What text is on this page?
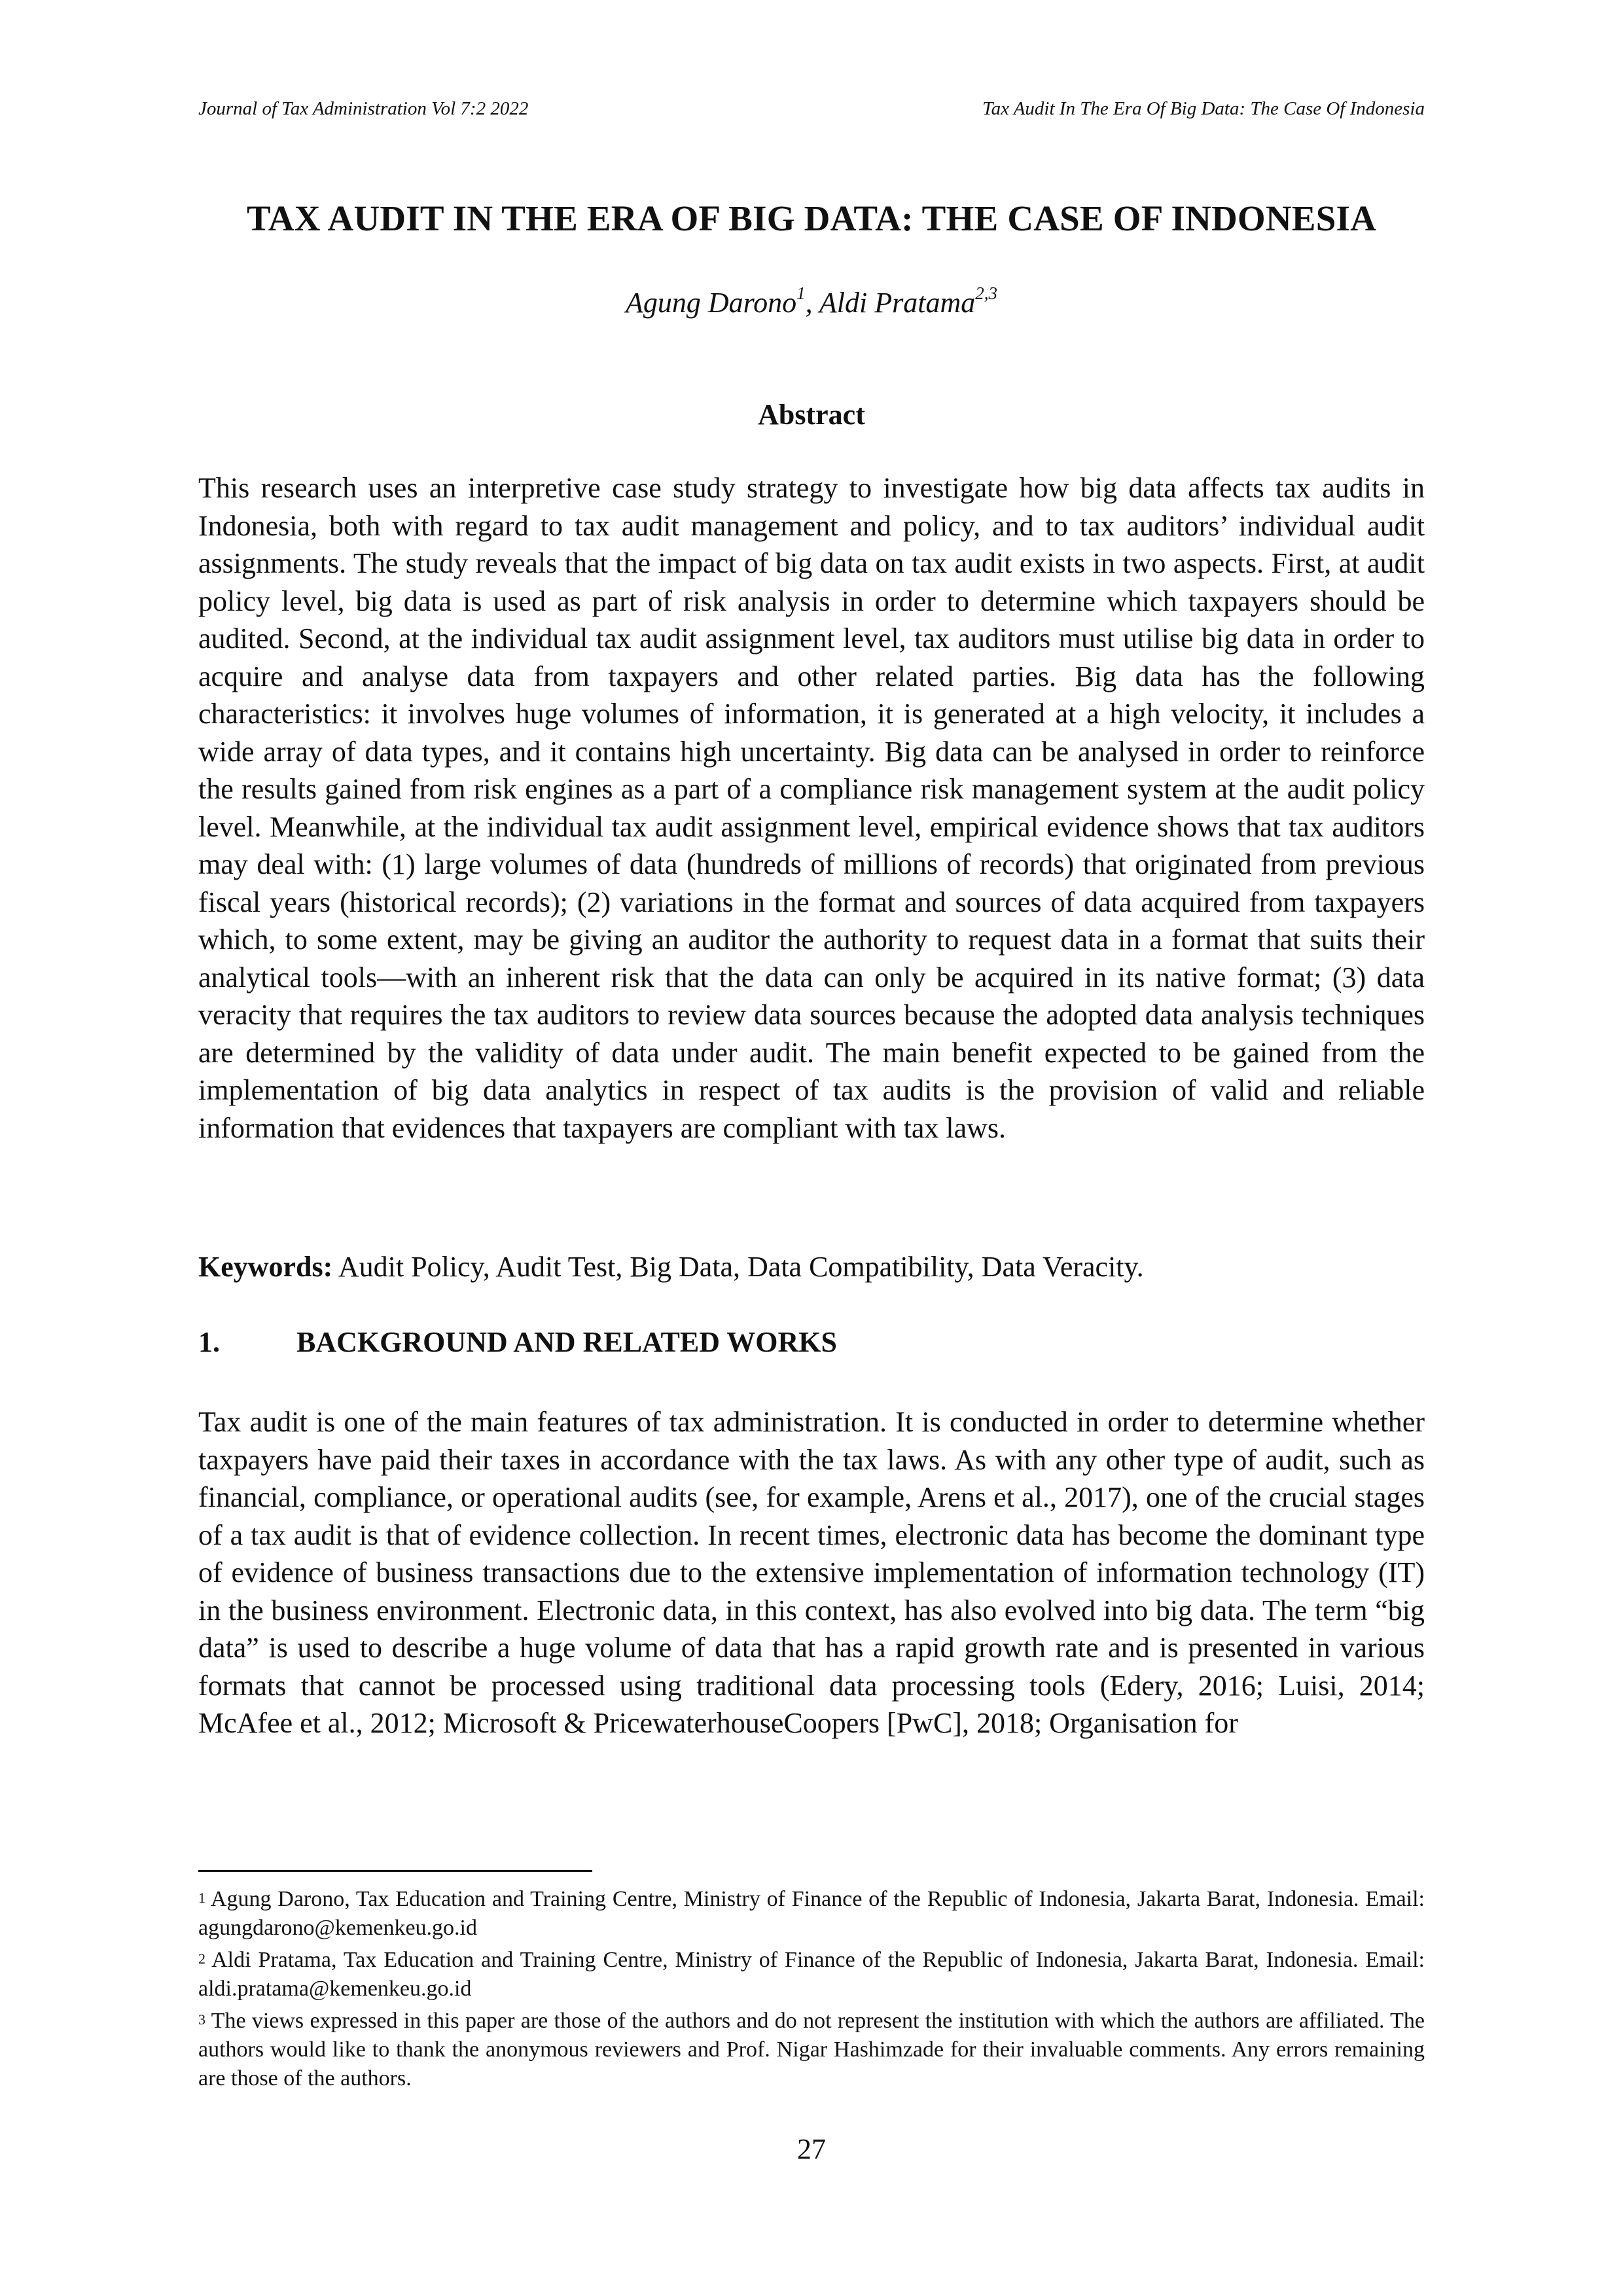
Journal of Tax Administration Vol 7:2 2022	Tax Audit In The Era Of Big Data: The Case Of Indonesia
TAX AUDIT IN THE ERA OF BIG DATA: THE CASE OF INDONESIA
Agung Darono$^1$, Aldi Pratama$^{2,3}$
Abstract

This research uses an interpretive case study strategy to investigate how big data affects tax audits in Indonesia, both with regard to tax audit management and policy, and to tax auditors’ individual audit assignments. The study reveals that the impact of big data on tax audit exists in two aspects. First, at audit policy level, big data is used as part of risk analysis in order to determine which taxpayers should be audited. Second, at the individual tax audit assignment level, tax auditors must utilise big data in order to acquire and analyse data from taxpayers and other related parties. Big data has the following characteristics: it involves huge volumes of information, it is generated at a high velocity, it includes a wide array of data types, and it contains high uncertainty. Big data can be analysed in order to reinforce the results gained from risk engines as a part of a compliance risk management system at the audit policy level. Meanwhile, at the individual tax audit assignment level, empirical evidence shows that tax auditors may deal with: (1) large volumes of data (hundreds of millions of records) that originated from previous fiscal years (historical records); (2) variations in the format and sources of data acquired from taxpayers which, to some extent, may be giving an auditor the authority to request data in a format that suits their analytical tools—with an inherent risk that the data can only be acquired in its native format; (3) data veracity that requires the tax auditors to review data sources because the adopted data analysis techniques are determined by the validity of data under audit. The main benefit expected to be gained from the implementation of big data analytics in respect of tax audits is the provision of valid and reliable information that evidences that taxpayers are compliant with tax laws.

Keywords: Audit Policy, Audit Test, Big Data, Data Compatibility, Data Veracity.

1.	BACKGROUND AND RELATED WORKS

Tax audit is one of the main features of tax administration. It is conducted in order to determine whether taxpayers have paid their taxes in accordance with the tax laws. As with any other type of audit, such as financial, compliance, or operational audits (see, for example, Arens et al., 2017), one of the crucial stages of a tax audit is that of evidence collection. In recent times, electronic data has become the dominant type of evidence of business transactions due to the extensive implementation of information technology (IT) in the business environment. Electronic data, in this context, has also evolved into big data. The term “big data” is used to describe a huge volume of data that has a rapid growth rate and is presented in various formats that cannot be processed using traditional data processing tools (Edery, 2016; Luisi, 2014; McAfee et al., 2012; Microsoft & PricewaterhouseCoopers [PwC], 2018; Organisation for

$^1$ Agung Darono, Tax Education and Training Centre, Ministry of Finance of the Republic of Indonesia, Jakarta Barat, Indonesia. Email: agungdarono@kemenkeu.go.id

$^2$ Aldi Pratama, Tax Education and Training Centre, Ministry of Finance of the Republic of Indonesia, Jakarta Barat, Indonesia. Email: aldi.pratama@kemenkeu.go.id

$^3$ The views expressed in this paper are those of the authors and do not represent the institution with which the authors are affiliated. The authors would like to thank the anonymous reviewers and Prof. Nigar Hashimzade for their invaluable comments. Any errors remaining are those of the authors.

27
